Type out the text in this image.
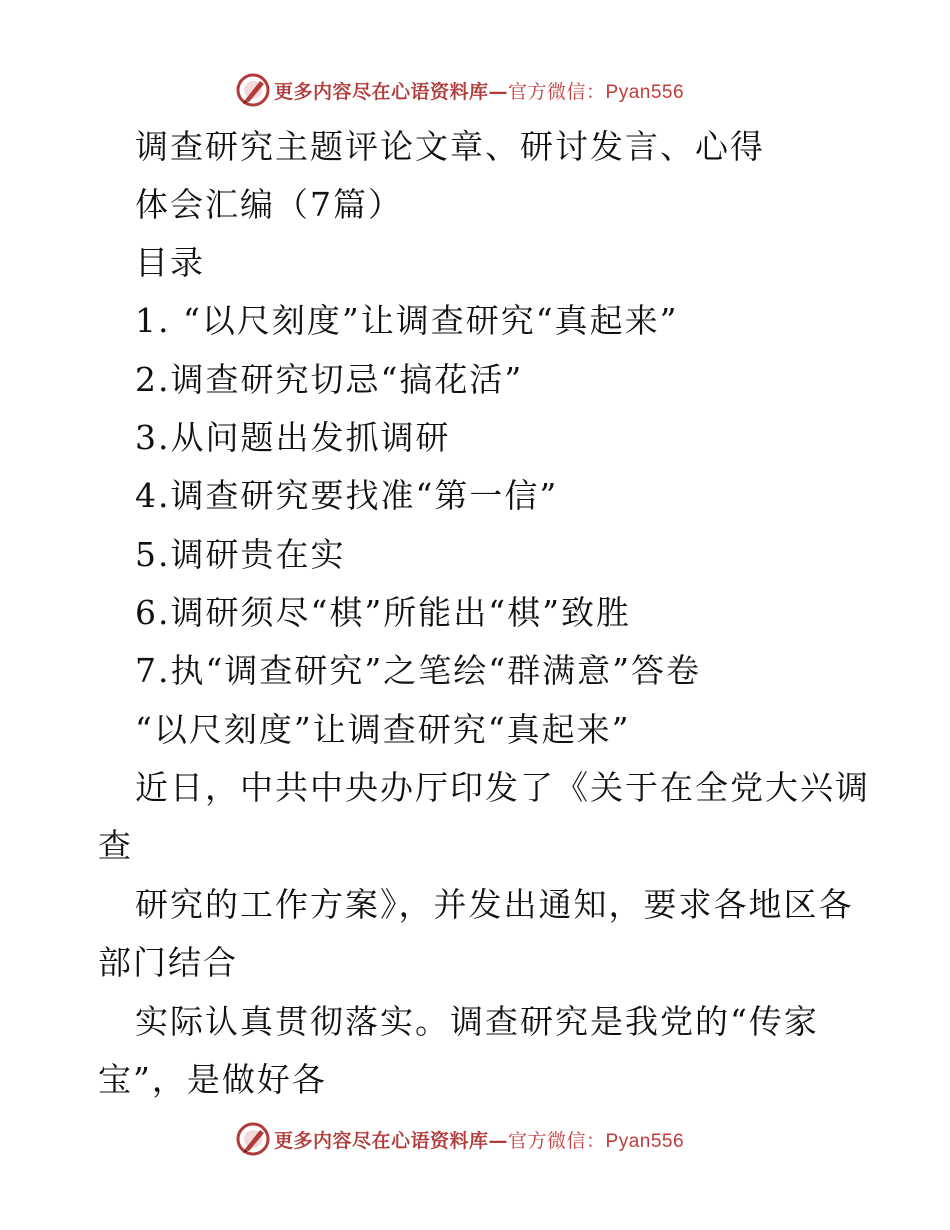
更多内容尽在心语资料库—官方微信：Pyan556
调查研究主题评论文章、研讨发言、心得
体会汇编（7篇）
目录
1. “以尺刻度”让调查研究“真起来”
2.调查研究切忌“搞花活”
3.从问题出发抓调研
4.调查研究要找准“第一信”
5.调研贵在实
6.调研须尽“棋”所能出“棋”致胜
7.执“调查研究”之笔绘“群满意”答卷
“以尺刻度”让调查研究“真起来”
近日，中共中央办厅印发了《关于在全党大兴调
查
研究的工作方案》，并发出通知，要求各地区各
部门结合
实际认真贯彻落实。调查研究是我党的“传家
宝”，是做好各
更多内容尽在心语资料库—官方微信：Pyan556
